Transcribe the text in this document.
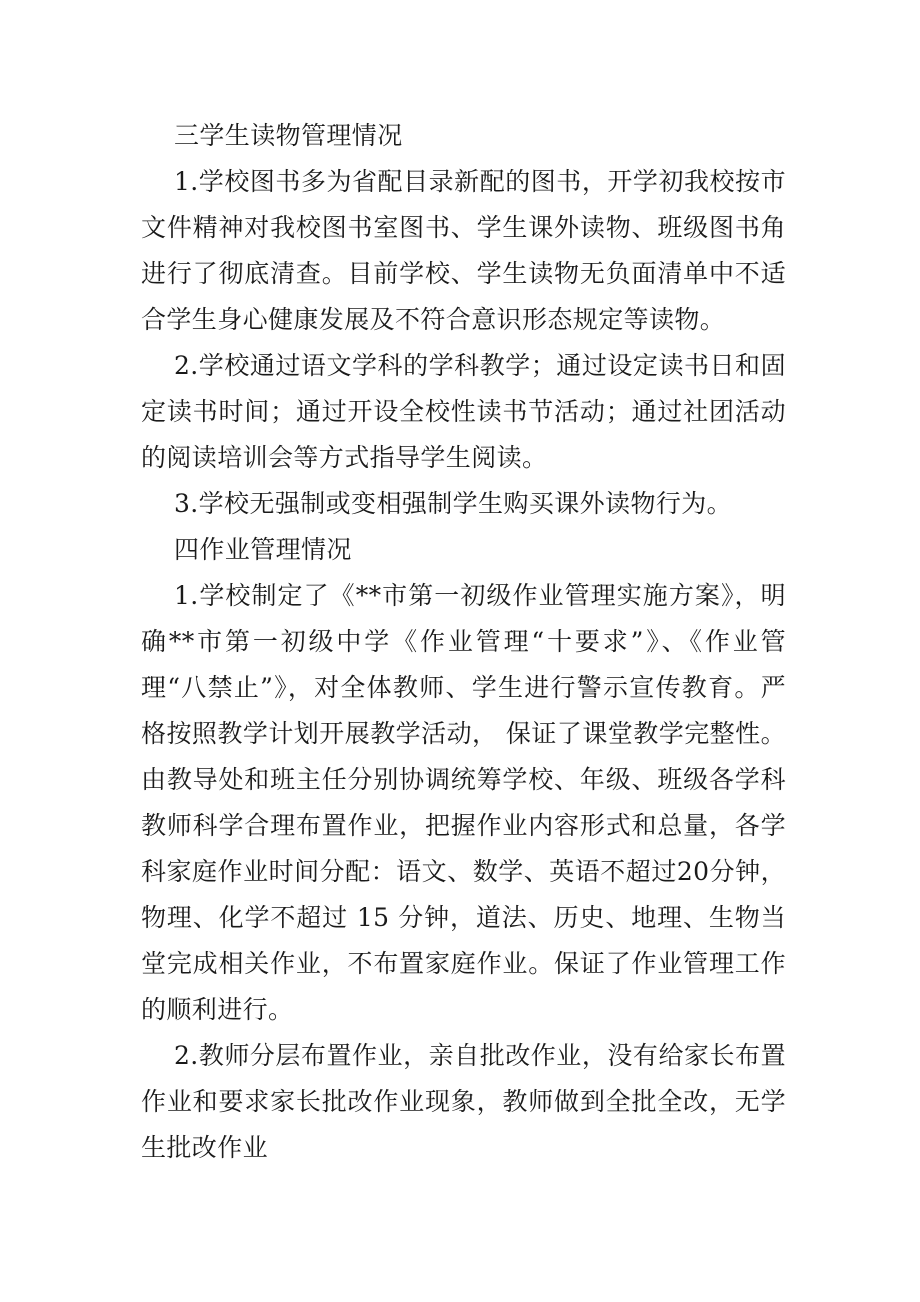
三学生读物管理情况

1.学校图书多为省配目录新配的图书，开学初我校按市文件精神对我校图书室图书、学生课外读物、班级图书角进行了彻底清查。目前学校、学生读物无负面清单中不适合学生身心健康发展及不符合意识形态规定等读物。

2.学校通过语文学科的学科教学；通过设定读书日和固定读书时间；通过开设全校性读书节活动；通过社团活动的阅读培训会等方式指导学生阅读。

3.学校无强制或变相强制学生购买课外读物行为。

四作业管理情况

1.学校制定了《**市第一初级作业管理实施方案》，明确**市第一初级中学《作业管理“十要求”》、《作业管理“八禁止”》，对全体教师、学生进行警示宣传教育。严格按照教学计划开展教学活动， 保证了课堂教学完整性。由教导处和班主任分别协调统筹学校、年级、班级各学科教师科学合理布置作业，把握作业内容形式和总量，各学科家庭作业时间分配：语文、数学、英语不超过20分钟，物理、化学不超过 15 分钟，道法、历史、地理、生物当堂完成相关作业，不布置家庭作业。保证了作业管理工作的顺利进行。

2.教师分层布置作业，亲自批改作业，没有给家长布置作业和要求家长批改作业现象，教师做到全批全改，无学生批改作业
